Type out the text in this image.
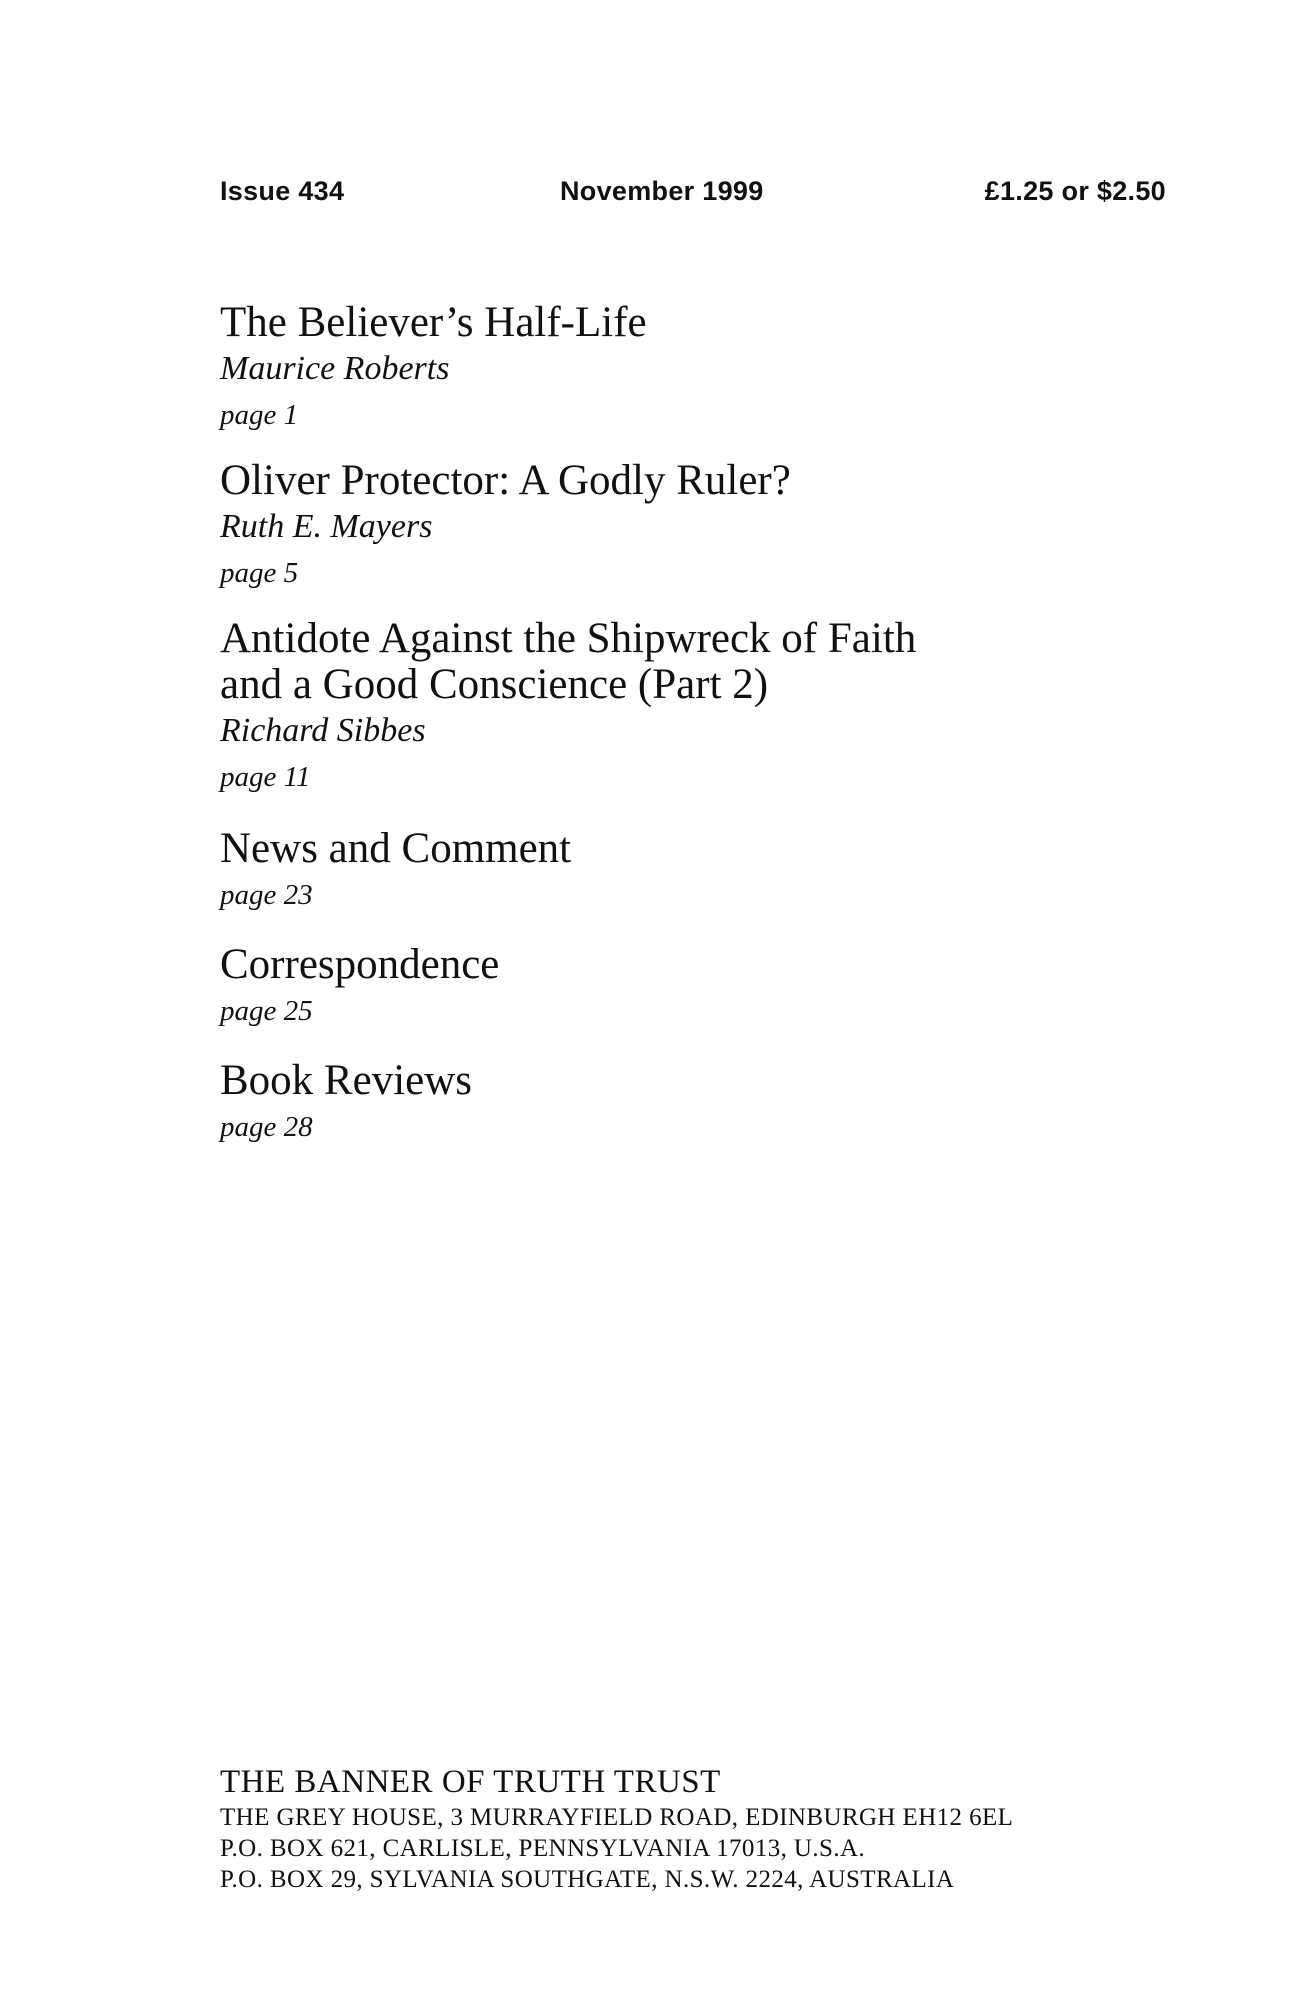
Issue 434	November 1999	£1.25 or $2.50
The Believer’s Half-Life
Maurice Roberts
page 1
Oliver Protector: A Godly Ruler?
Ruth E. Mayers
page 5
Antidote Against the Shipwreck of Faith
and a Good Conscience (Part 2)
Richard Sibbes
page 11
News and Comment
page 23
Correspondence
page 25
Book Reviews
page 28
THE BANNER OF TRUTH TRUST
THE GREY HOUSE, 3 MURRAYFIELD ROAD, EDINBURGH EH12 6EL
P.O. BOX 621, CARLISLE, PENNSYLVANIA 17013, U.S.A.
P.O. BOX 29, SYLVANIA SOUTHGATE, N.S.W. 2224, AUSTRALIA
